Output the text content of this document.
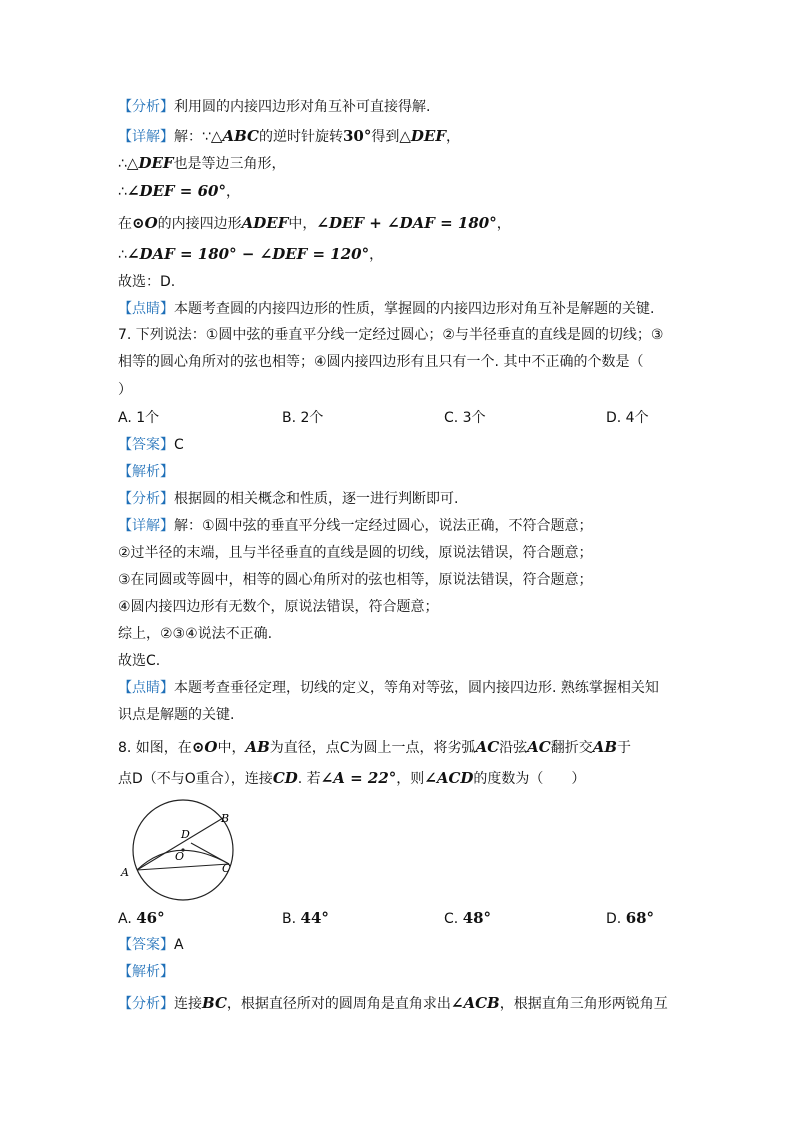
【分析】利用圆的内接四边形对角互补可直接得解.
【详解】解：∵△ABC的逆时针旋转30°得到△DEF，
∴△DEF也是等边三角形，
∴∠DEF = 60°，
在⊙O的内接四边形ADEF中，∠DEF + ∠DAF = 180°，
∴∠DAF = 180° − ∠DEF = 120°，
故选：D.
【点睛】本题考查圆的内接四边形的性质，掌握圆的内接四边形对角互补是解题的关键.
7. 下列说法：①圆中弦的垂直平分线一定经过圆心；②与半径垂直的直线是圆的切线；③
相等的圆心角所对的弦也相等；④圆内接四边形有且只有一个. 其中不正确的个数是（
）
A. 1个	B. 2个	C. 3个	D. 4个
【答案】C
【解析】
【分析】根据圆的相关概念和性质，逐一进行判断即可.
【详解】解：①圆中弦的垂直平分线一定经过圆心，说法正确，不符合题意；
②过半径的末端，且与半径垂直的直线是圆的切线，原说法错误，符合题意；
③在同圆或等圆中，相等的圆心角所对的弦也相等，原说法错误，符合题意；
④圆内接四边形有无数个，原说法错误，符合题意；
综上，②③④说法不正确.
故选C.
【点睛】本题考查垂径定理，切线的定义，等角对等弦，圆内接四边形. 熟练掌握相关知
识点是解题的关键.
8. 如图，在⊙O中，AB为直径，点C为圆上一点，将劣弧AC沿弦AC翻折交AB于
点D（不与O重合），连接CD. 若∠A = 22°，则∠ACD的度数为（　　）
A
B
C
D
O
A. 46°	B. 44°	C. 48°	D. 68°
【答案】A
【解析】
【分析】连接BC，根据直径所对的圆周角是直角求出∠ACB，根据直角三角形两锐角互
